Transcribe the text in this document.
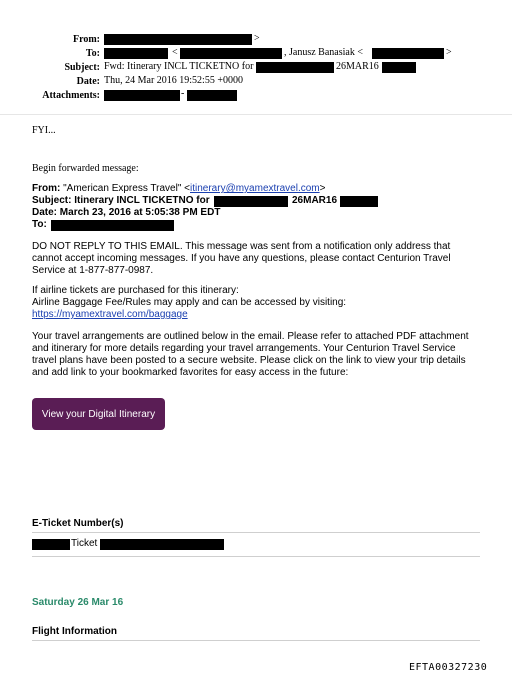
From:	>
To:	<	, Janusz Banasiak <	>
Subject: Fwd: Itinerary INCL TICKETNO for	26MAR16
Date: Thu, 24 Mar 2016 19:52:55 +0000
Attachments:	-
FYI...
Begin forwarded message:
From: "American Express Travel" <itinerary@myamextravel.com>
Subject: Itinerary INCL TICKETNO for	26MAR16
Date: March 23, 2016 at 5:05:38 PM EDT
To:
DO NOT REPLY TO THIS EMAIL. This message was sent from a notification only address that
cannot accept incoming messages. If you have any questions, please contact Centurion Travel
Service at 1-877-877-0987.
If airline tickets are purchased for this itinerary:
Airline Baggage Fee/Rules may apply and can be accessed by visiting:
https://myamextravel.com/baggage
Your travel arrangements are outlined below in the email. Please refer to attached PDF attachment
and itinerary for more details regarding your travel arrangements. Your Centurion Travel Service
travel plans have been posted to a secure website. Please click on the link to view your trip details
and add link to your bookmarked favorites for easy access in the future:
View your Digital Itinerary
E-Ticket Number(s)
Ticket
Saturday 26 Mar 16
Flight Information
EFTA00327230
